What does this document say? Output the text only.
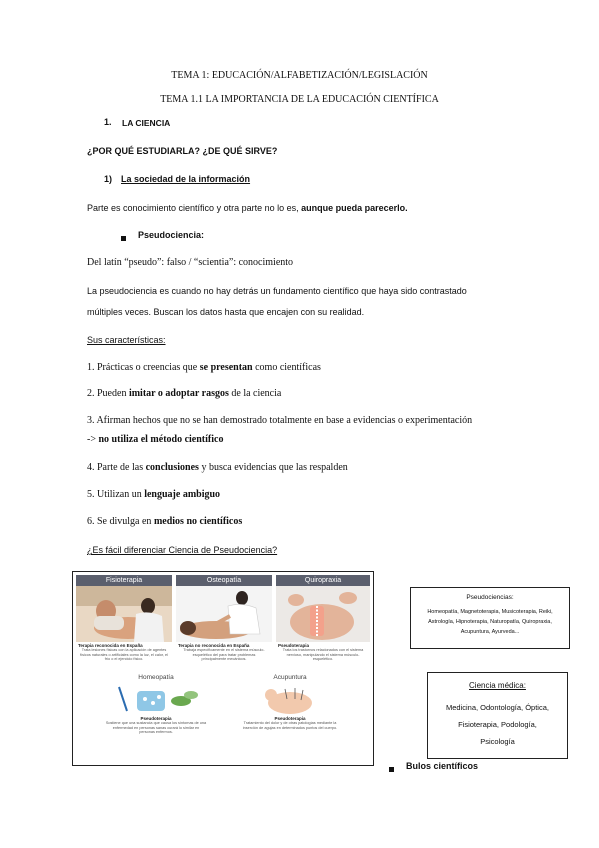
TEMA 1: EDUCACIÓN/ALFABETIZACIÓN/LEGISLACIÓN
TEMA 1.1 LA IMPORTANCIA DE LA EDUCACIÓN CIENTÍFICA
1. LA CIENCIA
¿POR QUÉ ESTUDIARLA? ¿DE QUÉ SIRVE?
1) La sociedad de la información
Parte es conocimiento científico y otra parte no lo es, aunque pueda parecerlo.
Pseudociencia:
Del latín “pseudo”: falso / “scientia”: conocimiento
La pseudociencia es cuando no hay detrás un fundamento científico que haya sido contrastado
múltiples veces. Buscan los datos hasta que encajen con su realidad.
Sus características:
1. Prácticas o creencias que se presentan como científicas
2. Pueden imitar o adoptar rasgos de la ciencia
3. Afirman hechos que no se han demostrado totalmente en base a evidencias o experimentación
-> no utiliza el método científico
4. Parte de las conclusiones y busca evidencias que las respalden
5. Utilizan un lenguaje ambiguo
6. Se divulga en medios no científicos
¿Es fácil diferenciar Ciencia de Pseudociencia?
Fisioterapia
Terapia reconocida en España
Trata lesiones físicas con la aplicación de agentes físicos naturales o artificiales como la luz, el calor, el frío o el ejercicio físico.
Osteopatía
Terapia no reconocida en España
Trabaja específicamente en el sistema músculo-esquelético del para tratar problemas principalmente mecánicos.
Quiropraxia
Pseudoterapia
Trata los trastornos relacionados con el sistema nervioso, manipulando el sistema músculo-esquelético.
Homeopatía
Pseudoterapia
Sostiene que una sustancia que causa los síntomas de una enfermedad en personas sanas curará lo similar en personas enfermos.
Acupuntura
Pseudoterapia
Tratamiento del dolor y de otras patologías mediante la inserción de agujas en determinados puntos del cuerpo.
Pseudociencias:
Homeopatía, Magnetoterapia, Musicoterapia, Reiki,
Astrología, Hipnoterapia, Naturopatía, Quiropraxia,
Acupuntura, Ayurveda...
Ciencia médica:
Medicina, Odontología, Óptica,
Fisioterapia, Podología,
Psicología
Bulos científicos
